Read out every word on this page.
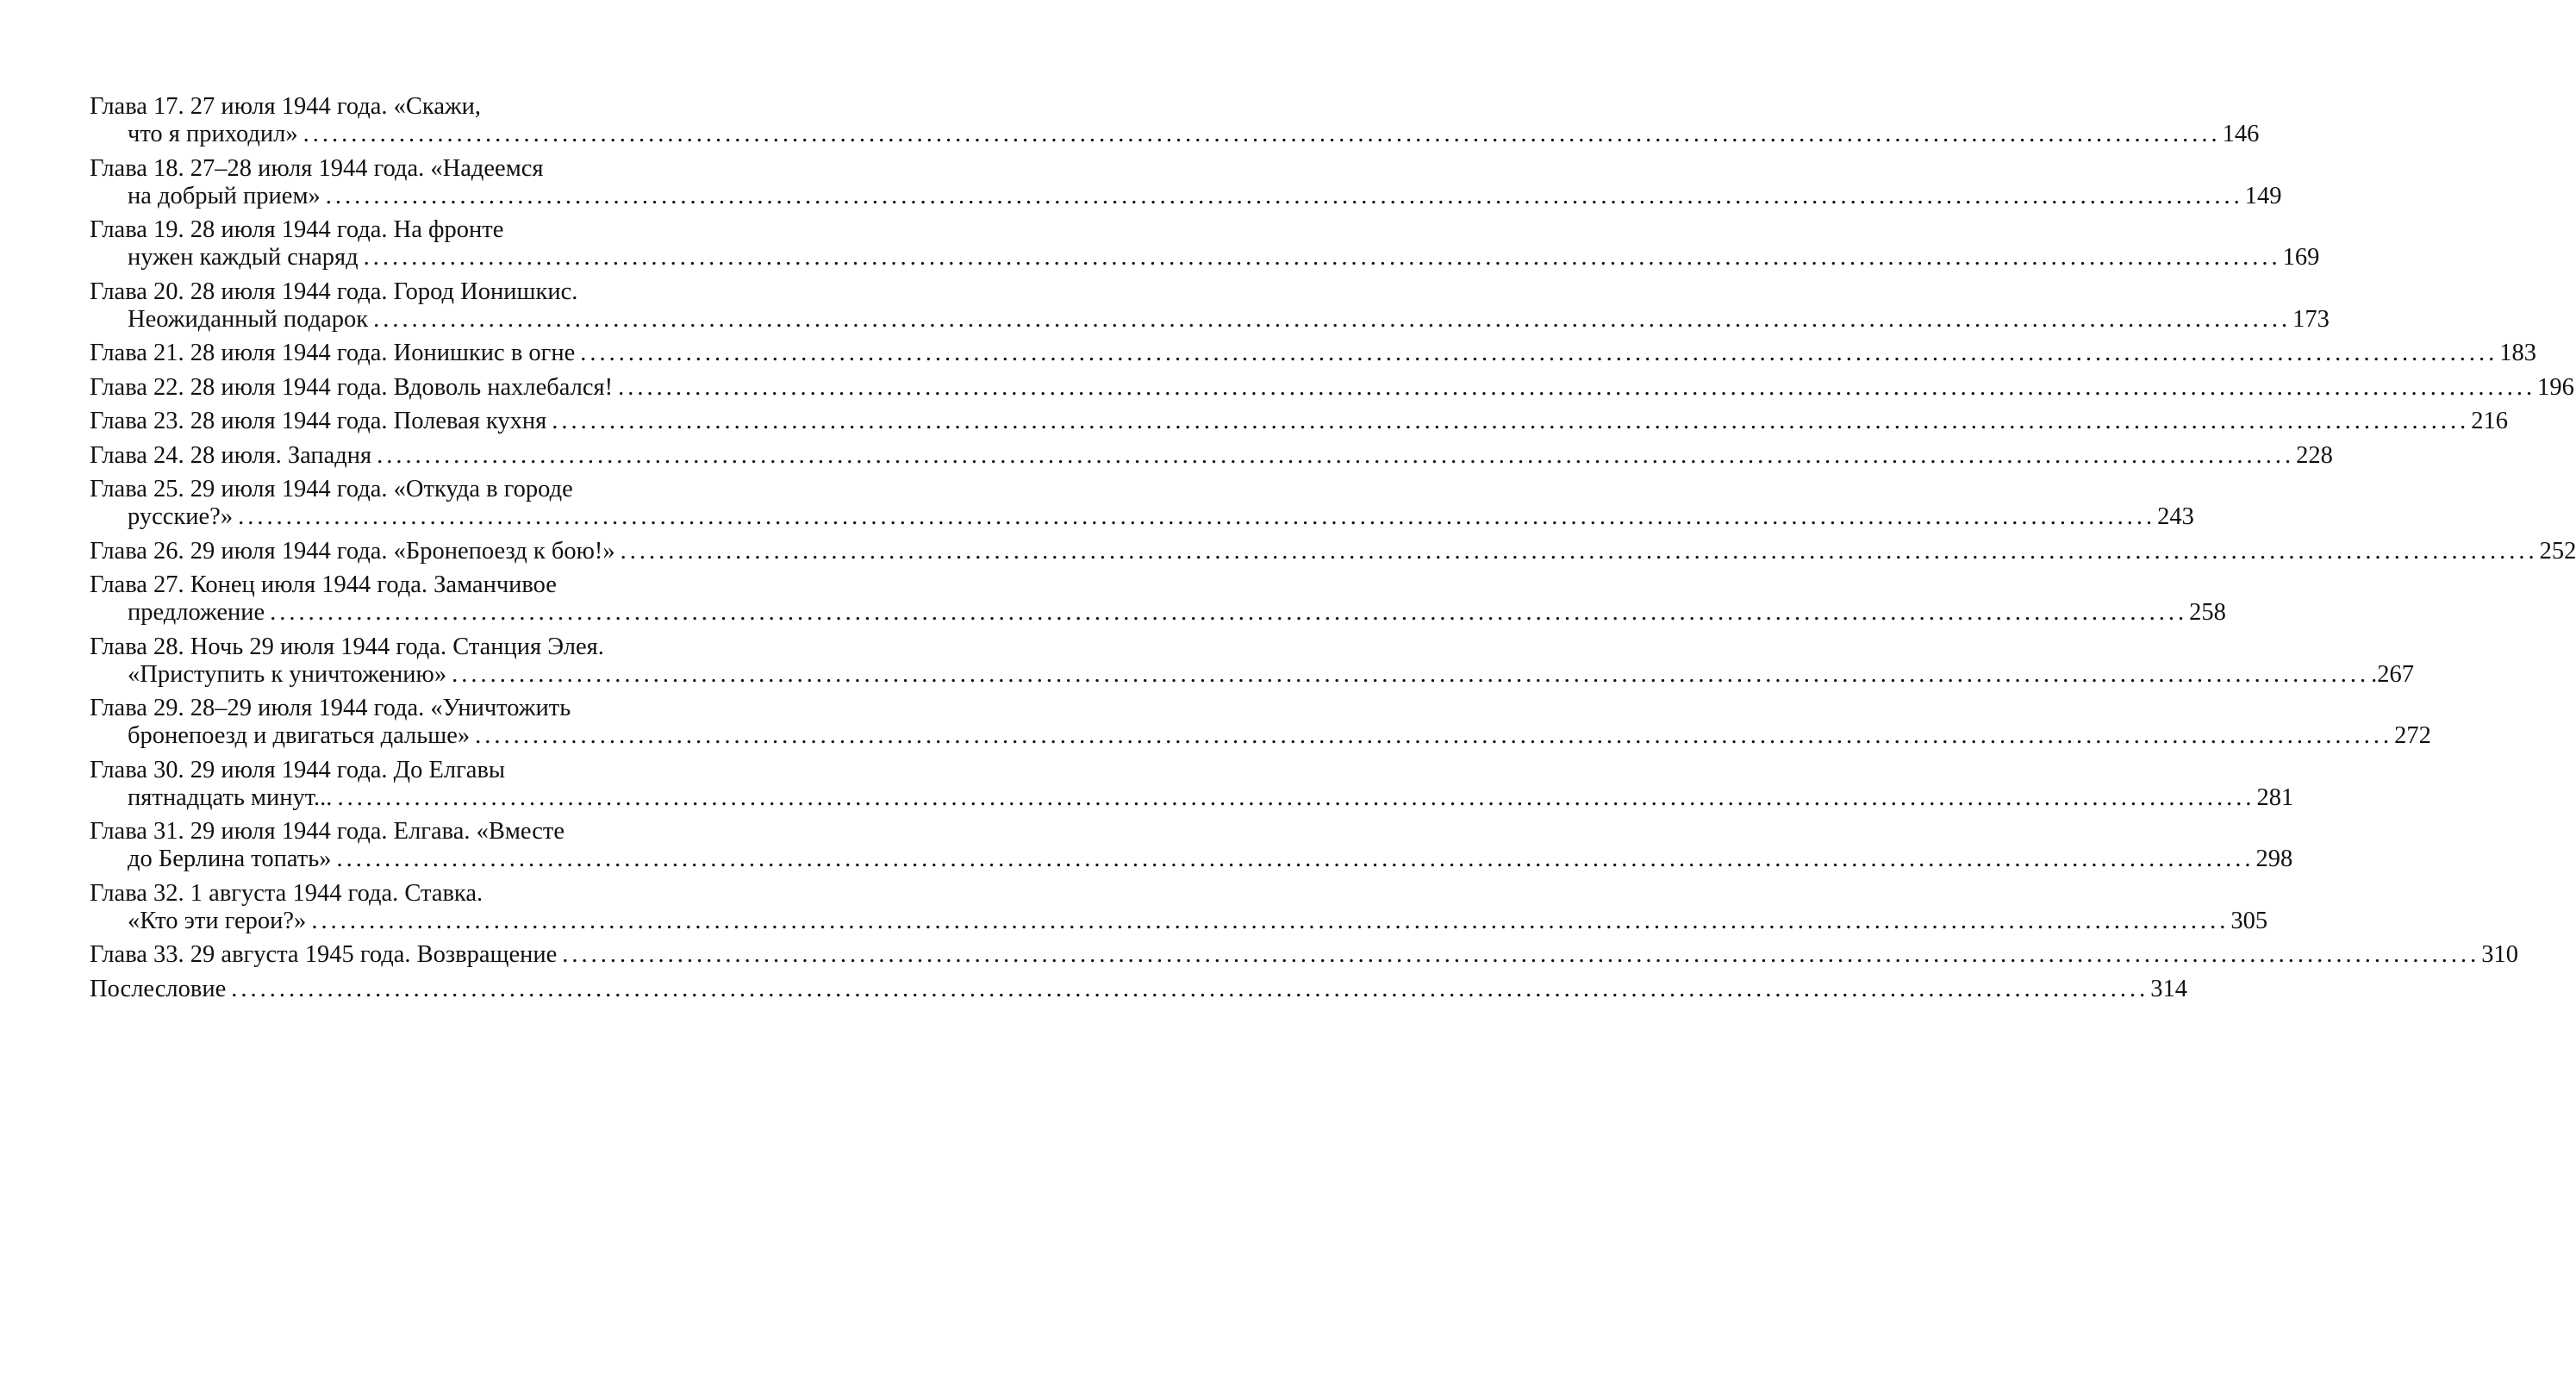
Глава 17. 27 июля 1944 года. «Скажи,
что я приходил» ........................................................................................................................................................................................................ 146
Глава 18. 27–28 июля 1944 года. «Надеемся
на добрый прием» ........................................................................................................................................................................................................ 149
Глава 19. 28 июля 1944 года. На фронте
нужен каждый снаряд ........................................................................................................................................................................................................ 169
Глава 20. 28 июля 1944 года. Город Ионишкис.
Неожиданный подарок ........................................................................................................................................................................................................ 173
Глава 21. 28 июля 1944 года. Ионишкис в огне ........................................................................................................................................................................................................ 183
Глава 22. 28 июля 1944 года. Вдоволь нахлебался! ........................................................................................................................................................................................................ 196
Глава 23. 28 июля 1944 года. Полевая кухня ........................................................................................................................................................................................................ 216
Глава 24. 28 июля. Западня ........................................................................................................................................................................................................ 228
Глава 25. 29 июля 1944 года. «Откуда в городе
русские?» ........................................................................................................................................................................................................ 243
Глава 26. 29 июля 1944 года. «Бронепоезд к бою!» ........................................................................................................................................................................................................ 252
Глава 27. Конец июля 1944 года. Заманчивое
предложение ........................................................................................................................................................................................................ 258
Глава 28. Ночь 29 июля 1944 года. Станция Элея.
«Приступить к уничтожению» ........................................................................................................................................................................................................ .267
Глава 29. 28–29 июля 1944 года. «Уничтожить
бронепоезд и двигаться дальше» ........................................................................................................................................................................................................ 272
Глава 30. 29 июля 1944 года. До Елгавы
пятнадцать минут... ........................................................................................................................................................................................................ 281
Глава 31. 29 июля 1944 года. Елгава. «Вместе
до Берлина топать» ........................................................................................................................................................................................................ 298
Глава 32. 1 августа 1944 года. Ставка.
«Кто эти герои?» ........................................................................................................................................................................................................ 305
Глава 33. 29 августа 1945 года. Возвращение ........................................................................................................................................................................................................ 310
Послесловие ........................................................................................................................................................................................................ 314
